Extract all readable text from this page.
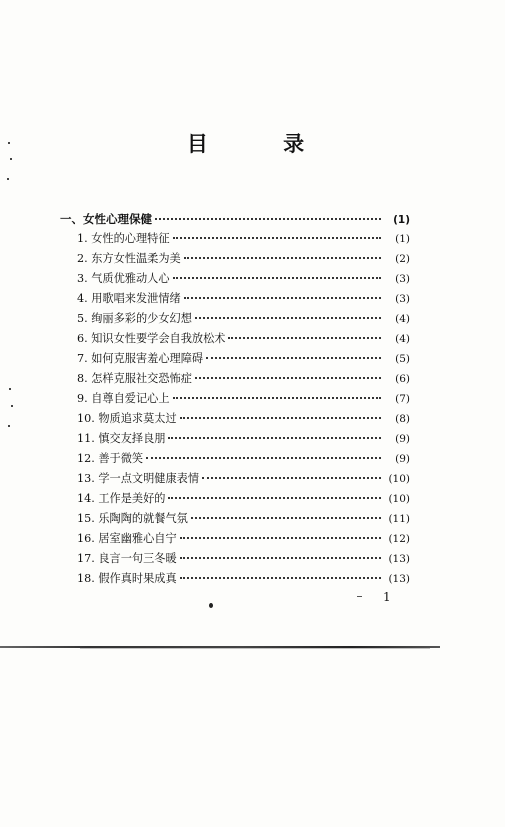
目 录
一、女性心理保健	(1)
1. 女性的心理特征	(1)
2. 东方女性温柔为美	(2)
3. 气质优雅动人心	(3)
4. 用歌唱来发泄情绪	(3)
5. 绚丽多彩的少女幻想	(4)
6. 知识女性要学会自我放松术	(4)
7. 如何克服害羞心理障碍	(5)
8. 怎样克服社交恐怖症	(6)
9. 自尊自爱记心上	(7)
10. 物质追求莫太过	(8)
11. 慎交友择良朋	(9)
12. 善于微笑	(9)
13. 学一点文明健康表情	(10)
14. 工作是美好的	(10)
15. 乐陶陶的就餐气氛	(11)
16. 居室幽雅心自宁	(12)
17. 良言一句三冬暖	(13)
18. 假作真时果成真	(13)
1
